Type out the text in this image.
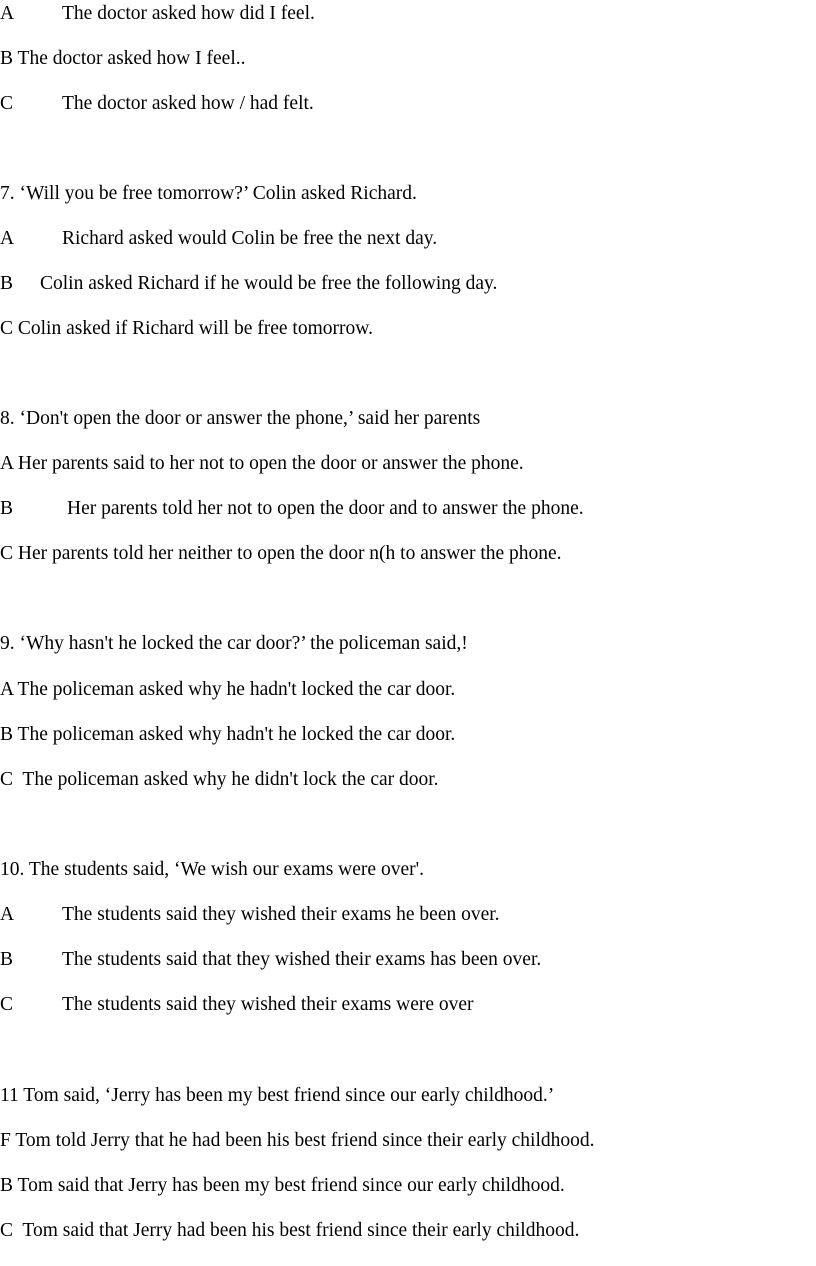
A The doctor asked how did I feel.
B The doctor asked how I feel..
C	The doctor asked how / had felt.
7. ‘Will you be free tomorrow?’ Colin asked Richard.
A Richard asked would Colin be free the next day.
B Colin asked Richard if he would be free the following day.
C Colin asked if Richard will be free tomorrow.
8. ‘Don't open the door or answer the phone,’ said her parents
A Her parents said to her not to open the door or answer the phone.
B	Her parents told her not to open the door and to answer the phone.
C Her parents told her neither to open the door n(h to answer the phone.
9. ‘Why hasn't he locked the car door?’ the policeman said,!
A The policeman asked why he hadn't locked the car door.
B The policeman asked why hadn't he locked the car door.
C  The policeman asked why he didn't lock the car door.
10. The students said, ‘We wish our exams were over'.
A The students said they wished their exams he been over.
B	The students said that they wished their exams has been over.
C	The students said they wished their exams were over
11 Tom said, ‘Jerry has been my best friend since our early childhood.’
F Tom told Jerry that he had been his best friend since their early childhood.
B Tom said that Jerry has been my best friend since our early childhood.
C  Tom said that Jerry had been his best friend since their early childhood.
